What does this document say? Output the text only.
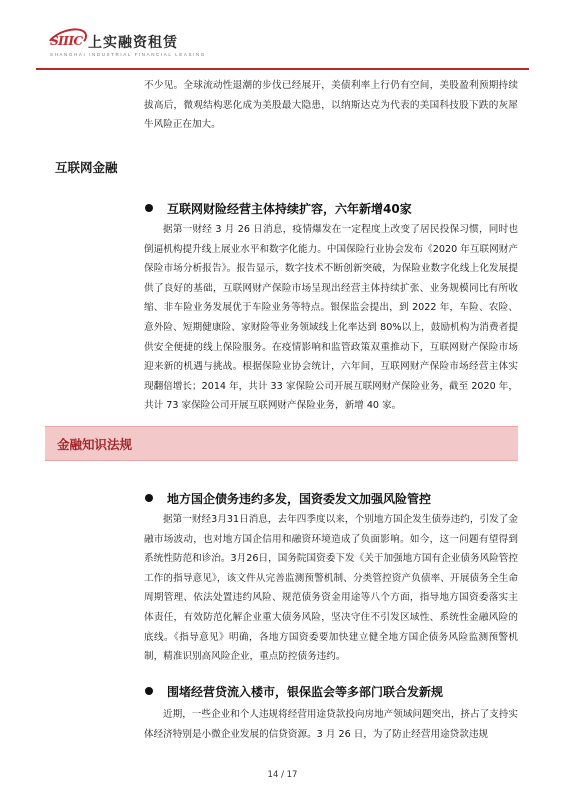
SIIIC 上实融资租赁
SHANGHAI INDUSTRIAL FINANCIAL LEASING
不少见。全球流动性退潮的步伐已经展开，美债利率上行仍有空间，美股盈利预期持续拔高后，微观结构恶化成为美股最大隐患，以纳斯达克为代表的美国科技股下跌的灰犀牛风险正在加大。
互联网金融
互联网财险经营主体持续扩容，六年新增40家
据第一财经 3 月 26 日消息，疫情爆发在一定程度上改变了居民投保习惯，同时也倒逼机构提升线上展业水平和数字化能力。中国保险行业协会发布《2020 年互联网财产保险市场分析报告》。报告显示，数字技术不断创新突破，为保险业数字化线上化发展提供了良好的基础，互联网财产保险市场呈现出经营主体持续扩张、业务规模同比有所收缩、非车险业务发展优于车险业务等特点。银保监会提出，到 2022 年，车险、农险、意外险、短期健康险、家财险等业务领域线上化率达到 80%以上，鼓励机构为消费者提供安全便捷的线上保险服务。在疫情影响和监管政策双重推动下，互联网财产保险市场迎来新的机遇与挑战。根据保险业协会统计，六年间，互联网财产保险市场经营主体实现翻倍增长；2014 年，共计 33 家保险公司开展互联网财产保险业务，截至 2020 年，共计 73 家保险公司开展互联网财产保险业务，新增 40 家。
金融知识法规
地方国企债务违约多发，国资委发文加强风险管控
据第一财经3月31日消息，去年四季度以来，个别地方国企发生债券违约，引发了金融市场波动，也对地方国企信用和融资环境造成了负面影响。如今，这一问题有望得到系统性防范和诊治。3月26日，国务院国资委下发《关于加强地方国有企业债务风险管控工作的指导意见》，该文件从完善监测预警机制、分类管控资产负债率、开展债务全生命周期管理、依法处置违约风险、规范债务资金用途等八个方面，指导地方国资委落实主体责任，有效防范化解企业重大债务风险，坚决守住不引发区域性、系统性金融风险的底线。《指导意见》明确，各地方国资委要加快建立健全地方国企债务风险监测预警机制，精准识别高风险企业，重点防控债务违约。
围堵经营贷流入楼市，银保监会等多部门联合发新规
近期，一些企业和个人违规将经营用途贷款投向房地产领域问题突出，挤占了支持实体经济特别是小微企业发展的信贷资源。3 月 26 日，为了防止经营用途贷款违规
14 / 17
